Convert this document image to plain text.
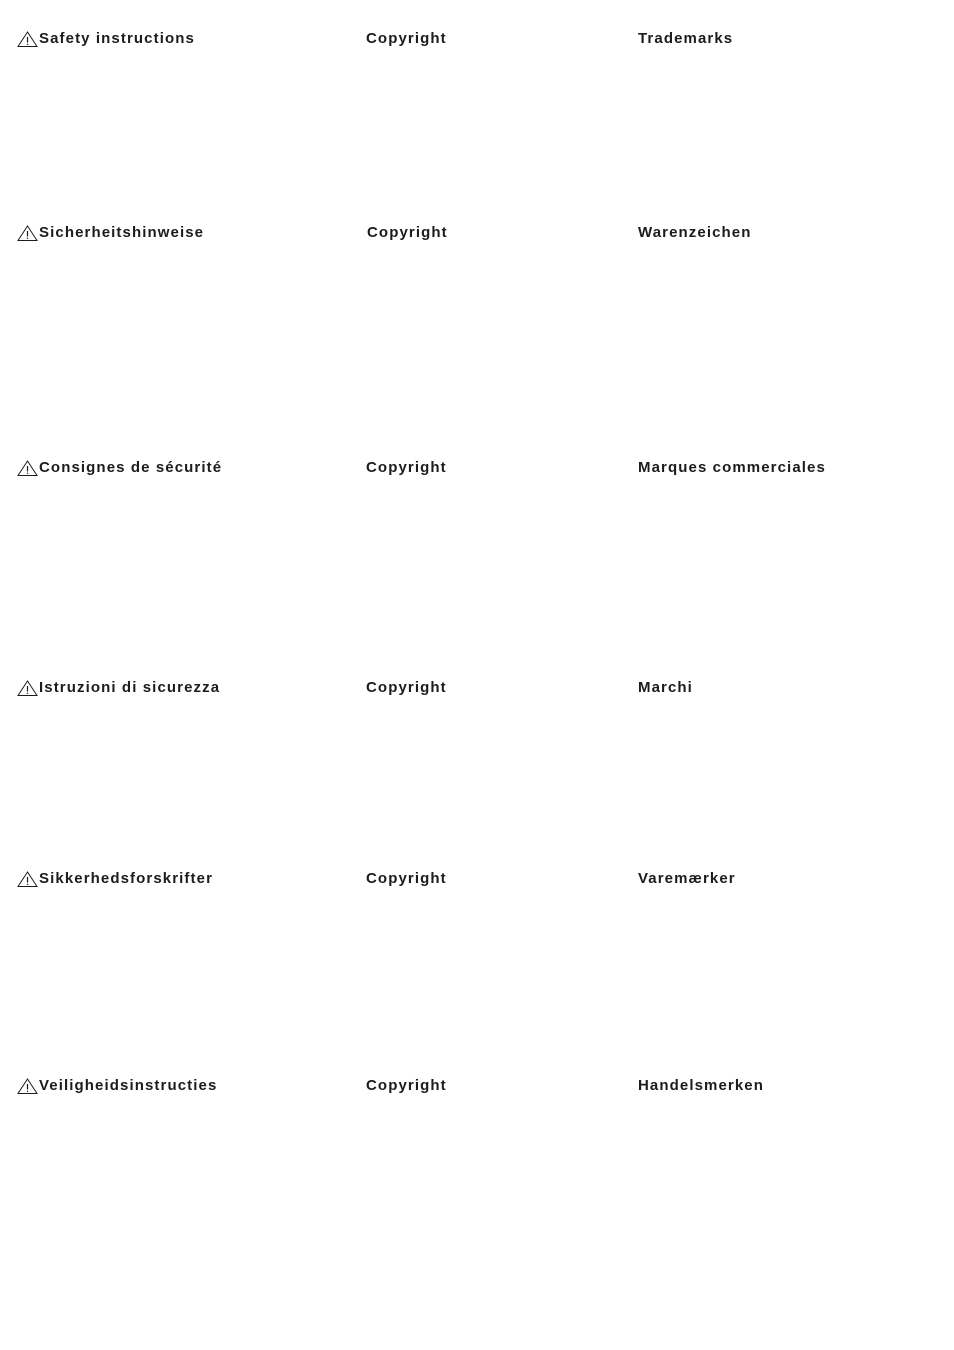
Safety instructions	Copyright	Trademarks
Sicherheitshinweise	Copyright	Warenzeichen
Consignes de sécurité	Copyright	Marques commerciales
Istruzioni di sicurezza	Copyright	Marchi
Sikkerhedsforskrifter	Copyright	Varemærker
Veiligheidsinstructies	Copyright	Handelsmerken
